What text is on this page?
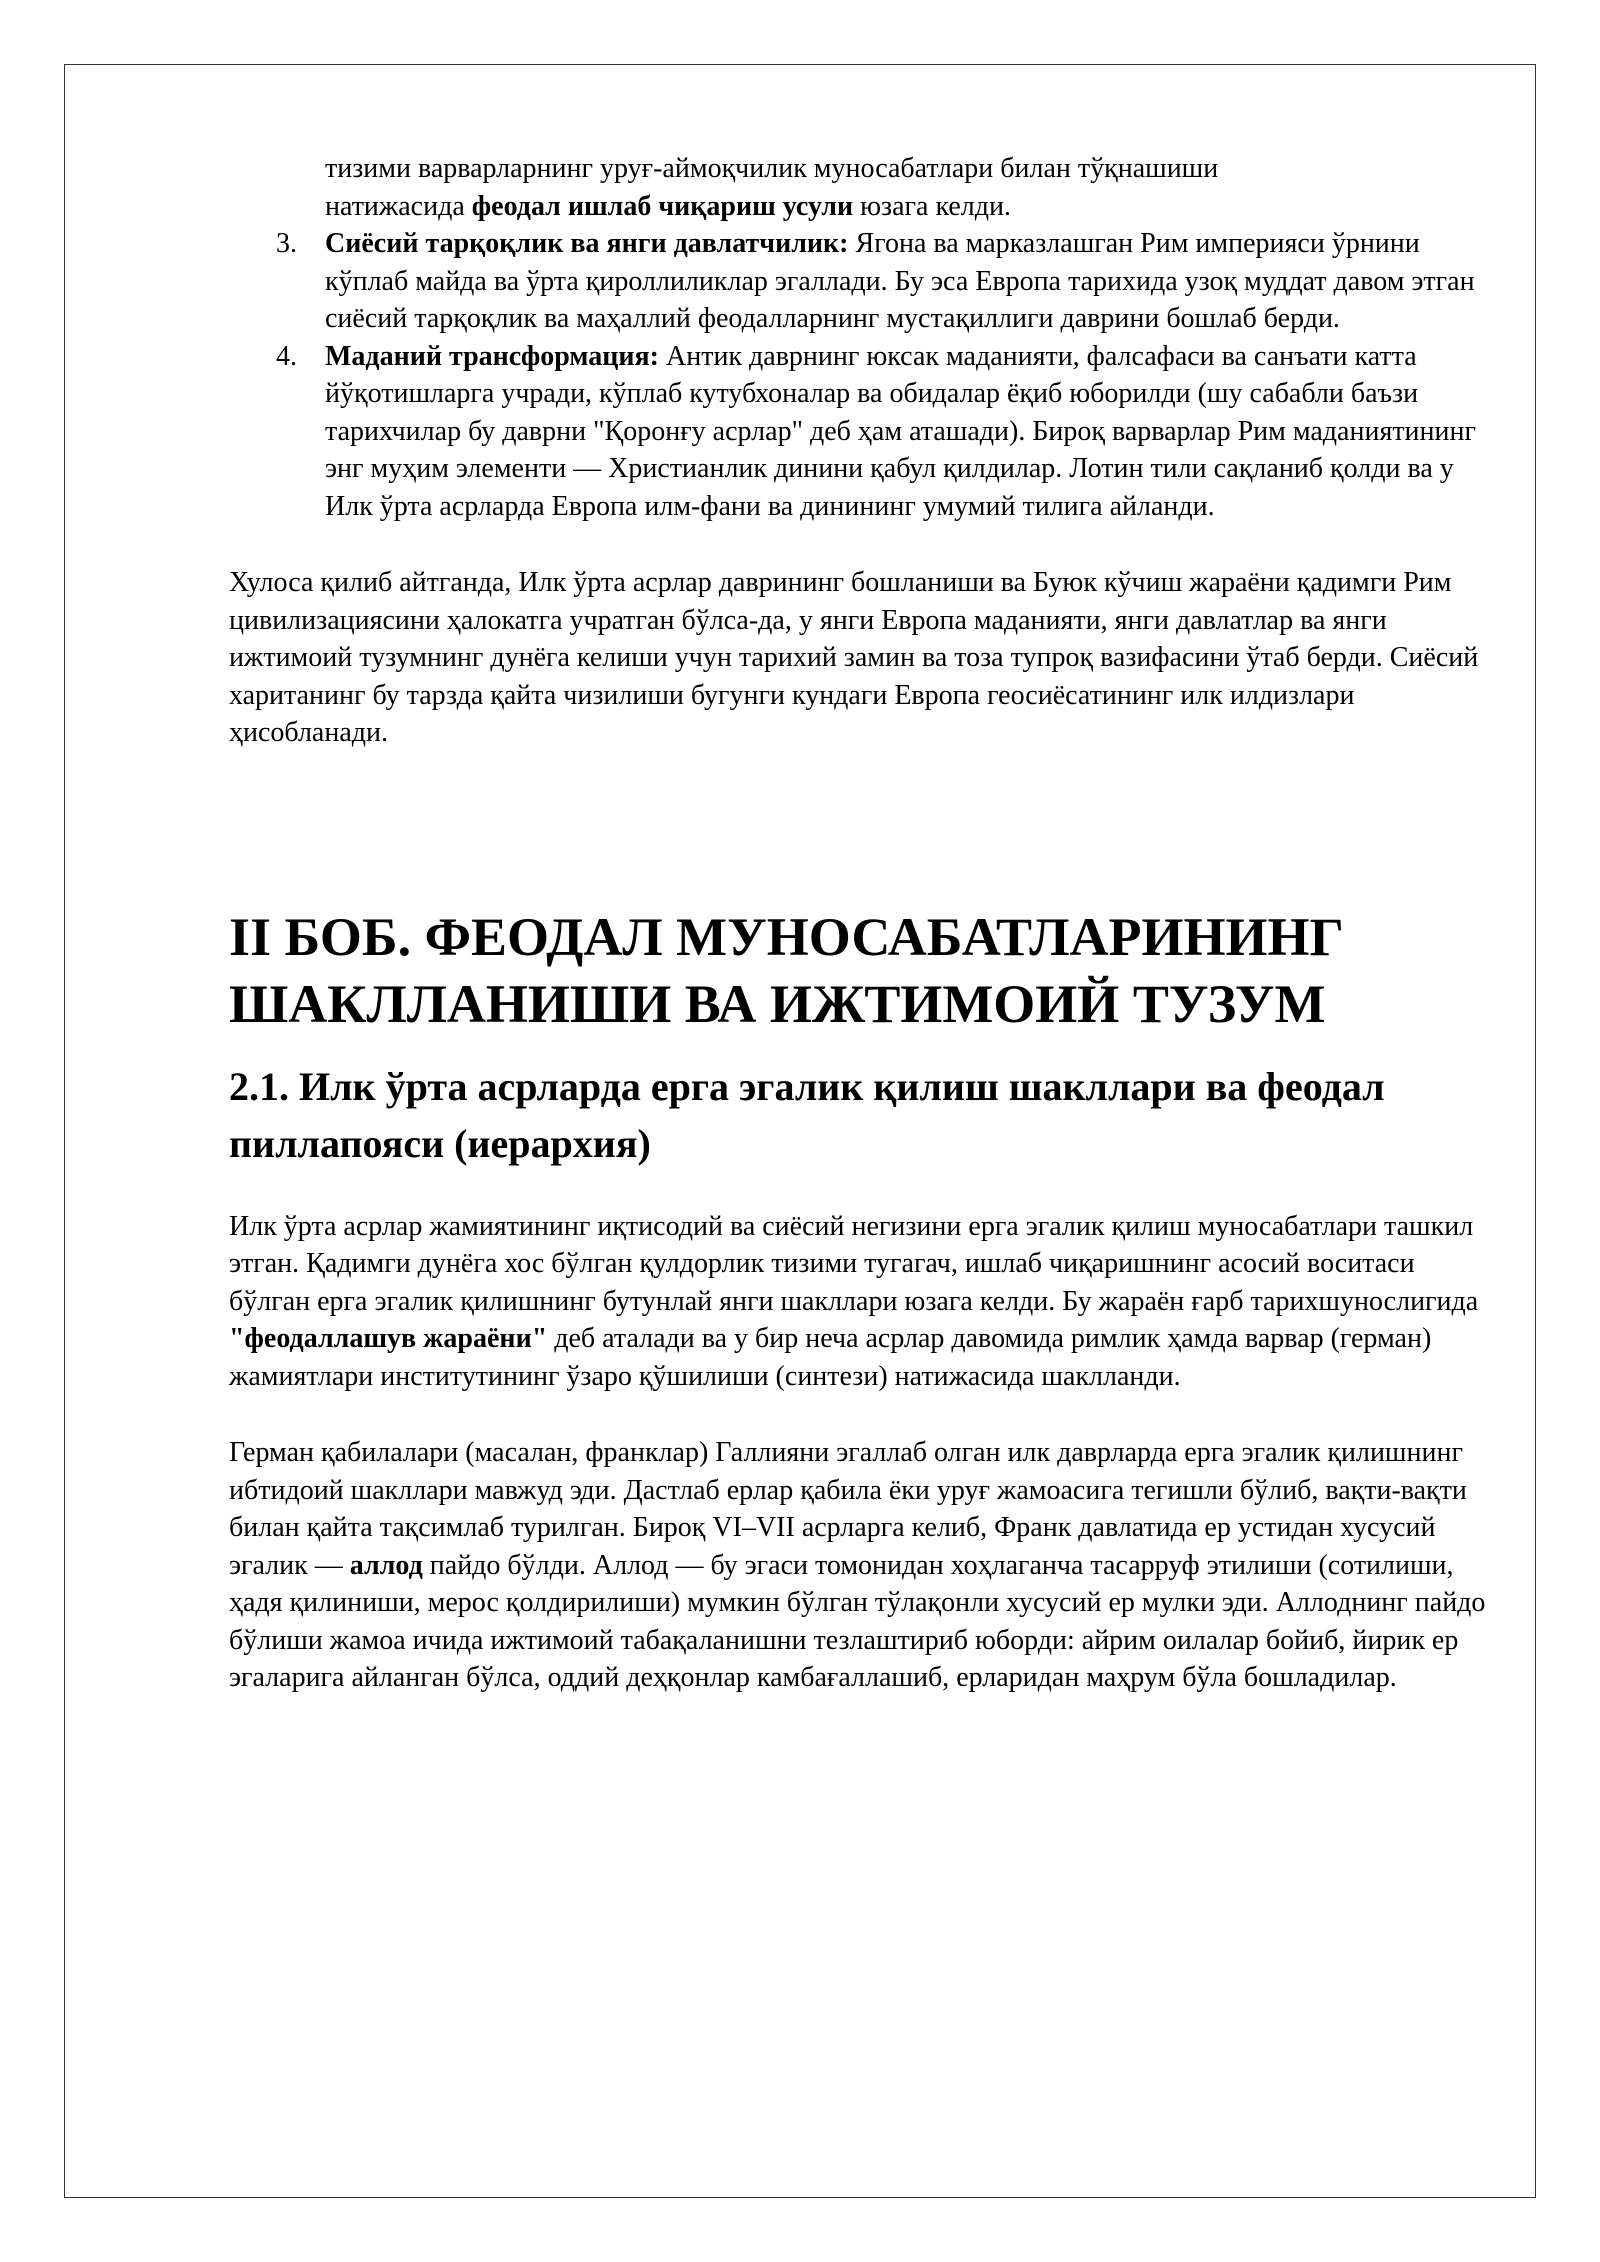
тизими варварларнинг уруғ-аймоқчилик муносабатлари билан тўқнашиши
натижасида феодал ишлаб чиқариш усули юзага келди.

3. Сиёсий тарқоқлик ва янги давлатчилик: Ягона ва марказлашган Рим империяси ўрнини кўплаб майда ва ўрта қироллиликлар эгаллади. Бу эса Европа тарихида узоқ муддат давом этган сиёсий тарқоқлик ва маҳаллий феодалларнинг мустақиллиги даврини бошлаб берди.

4. Маданий трансформация: Антик даврнинг юксак маданияти, фалсафаси ва санъати катта йўқотишларга учради, кўплаб кутубхоналар ва обидалар ёқиб юборилди (шу сабабли баъзи тарихчилар бу даврни "Қоронғу асрлар" деб ҳам аташади). Бироқ варварлар Рим маданиятининг энг муҳим элементи — Христианлик динини қабул қилдилар. Лотин тили сақланиб қолди ва у Илк ўрта асрларда Европа илм-фани ва динининг умумий тилига айланди.

Хулоса қилиб айтганда, Илк ўрта асрлар даврининг бошланиши ва Буюк кўчиш жараёни қадимги Рим цивилизациясини ҳалокатга учратган бўлса-да, у янги Европа маданияти, янги давлатлар ва янги ижтимоий тузумнинг дунёга келиши учун тарихий замин ва тоза тупроқ вазифасини ўтаб берди. Сиёсий хаританинг бу тарзда қайта чизилиши бугунги кундаги Европа геосиёсатининг илк илдизлари ҳисобланади.

II БОБ. ФЕОДАЛ МУНОСАБАТЛАРИНИНГ ШАКЛЛАНИШИ ВА ИЖТИМОИЙ ТУЗУМ
2.1. Илк ўрта асрларда ерга эгалик қилиш шакллари ва феодал пиллапояси (иерархия)

Илк ўрта асрлар жамиятининг иқтисодий ва сиёсий негизини ерга эгалик қилиш муносабатлари ташкил этган. Қадимги дунёга хос бўлган қулдорлик тизими тугагач, ишлаб чиқаришнинг асосий воситаси бўлган ерга эгалик қилишнинг бутунлай янги шакллари юзага келди. Бу жараён ғарб тарихшунослигида "феодаллашув жараёни" деб аталади ва у бир неча асрлар давомида римлик ҳамда варвар (герман) жамиятлари институтининг ўзаро қўшилиши (синтези) натижасида шаклланди.

Герман қабилалари (масалан, франклар) Галлияни эгаллаб олган илк даврларда ерга эгалик қилишнинг ибтидоий шакллари мавжуд эди. Дастлаб ерлар қабила ёки уруғ жамоасига тегишли бўлиб, вақти-вақти билан қайта тақсимлаб турилган. Бироқ VI–VII асрларга келиб, Франк давлатида ер устидан хусусий эгалик — аллод пайдо бўлди. Аллод — бу эгаси томонидан хоҳлаганча тасарруф этилиши (сотилиши, ҳадя қилиниши, мерос қолдирилиши) мумкин бўлган тўлақонли хусусий ер мулки эди. Аллоднинг пайдо бўлиши жамоа ичида ижтимоий табақаланишни тезлаштириб юборди: айрим оилалар бойиб, йирик ер эгаларига айланган бўлса, оддий деҳқонлар камбағаллашиб, ерларидан маҳрум бўла бошладилар.
